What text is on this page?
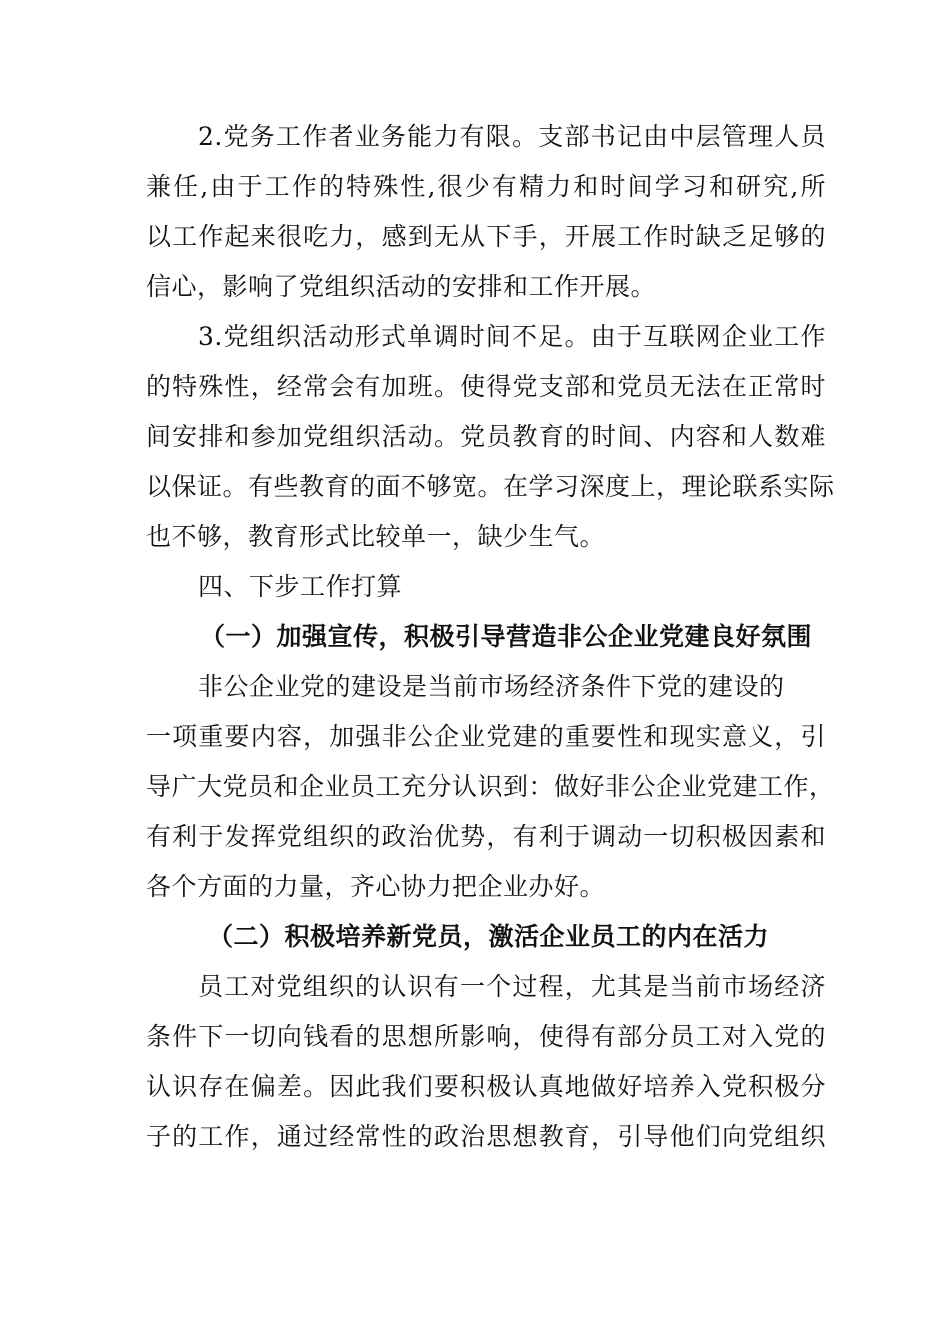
2.党务工作者业务能力有限。支部书记由中层管理人员
兼任,由于工作的特殊性,很少有精力和时间学习和研究,所
以工作起来很吃力，感到无从下手，开展工作时缺乏足够的
信心，影响了党组织活动的安排和工作开展。
3.党组织活动形式单调时间不足。由于互联网企业工作
的特殊性，经常会有加班。使得党支部和党员无法在正常时
间安排和参加党组织活动。党员教育的时间、内容和人数难
以保证。有些教育的面不够宽。在学习深度上，理论联系实际
也不够，教育形式比较单一，缺少生气。
四、下步工作打算
（一）加强宣传，积极引导营造非公企业党建良好氛围
非公企业党的建设是当前市场经济条件下党的建设的
一项重要内容，加强非公企业党建的重要性和现实意义，引
导广大党员和企业员工充分认识到：做好非公企业党建工作，
有利于发挥党组织的政治优势，有利于调动一切积极因素和
各个方面的力量，齐心协力把企业办好。
（二）积极培养新党员，激活企业员工的内在活力
员工对党组织的认识有一个过程，尤其是当前市场经济
条件下一切向钱看的思想所影响，使得有部分员工对入党的
认识存在偏差。因此我们要积极认真地做好培养入党积极分
子的工作，通过经常性的政治思想教育，引导他们向党组织
